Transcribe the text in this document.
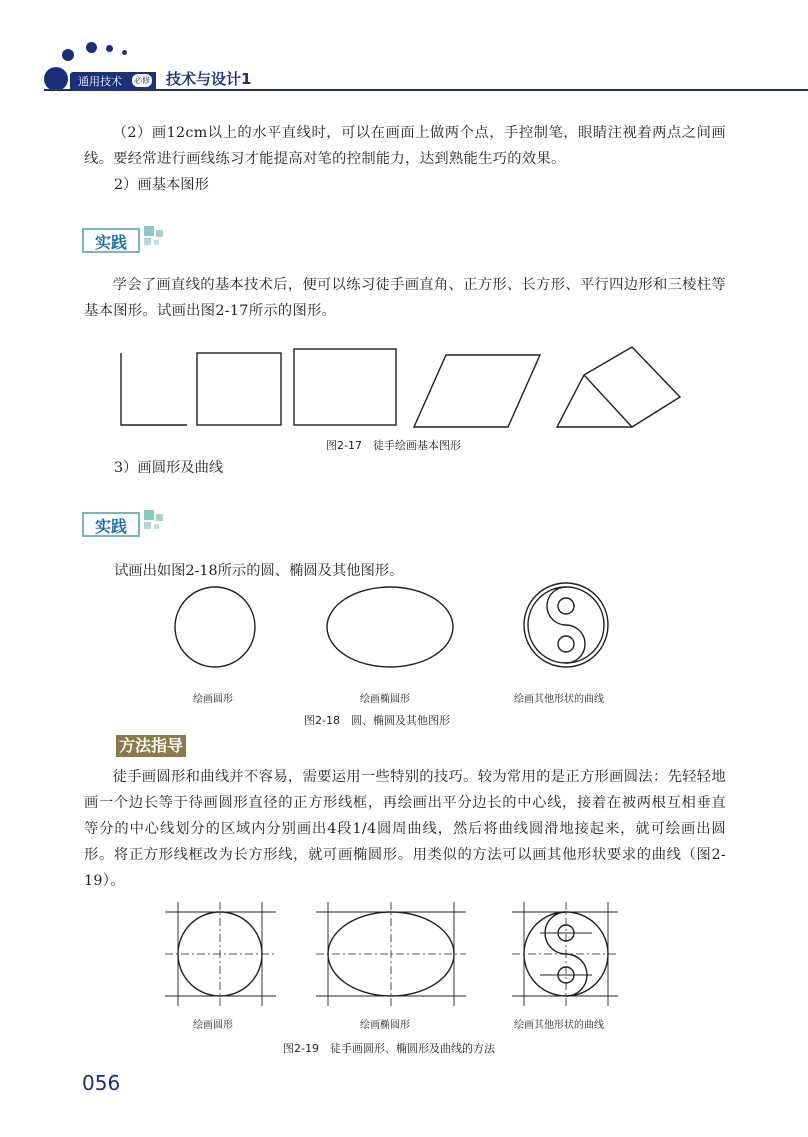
通用技术 必修 技术与设计1

（2）画12cm以上的水平直线时，可以在画面上做两个点，手控制笔，眼睛注视着两点之间画线。要经常进行画线练习才能提高对笔的控制能力，达到熟能生巧的效果。

2）画基本图形
实践

学会了画直线的基本技术后，便可以练习徒手画直角、正方形、长方形、平行四边形和三棱柱等基本图形。试画出图2-17所示的图形。

图2-17　徒手绘画基本图形
3）画圆形及曲线
实践
试画出如图2-18所示的圆、椭圆及其他图形。
绘画圆形	绘画椭圆形	绘画其他形状的曲线
图2-18　圆、椭圆及其他图形
方法指导

徒手画圆形和曲线并不容易，需要运用一些特别的技巧。较为常用的是正方形画圆法：先轻轻地画一个边长等于待画圆形直径的正方形线框，再绘画出平分边长的中心线，接着在被两根互相垂直等分的中心线划分的区域内分别画出4段1/4圆周曲线，然后将曲线圆滑地接起来，就可绘画出圆形。将正方形线框改为长方形线，就可画椭圆形。用类似的方法可以画其他形状要求的曲线（图2-19）。

绘画圆形	绘画椭圆形	绘画其他形状的曲线
图2-19　徒手画圆形、椭圆形及曲线的方法
056
